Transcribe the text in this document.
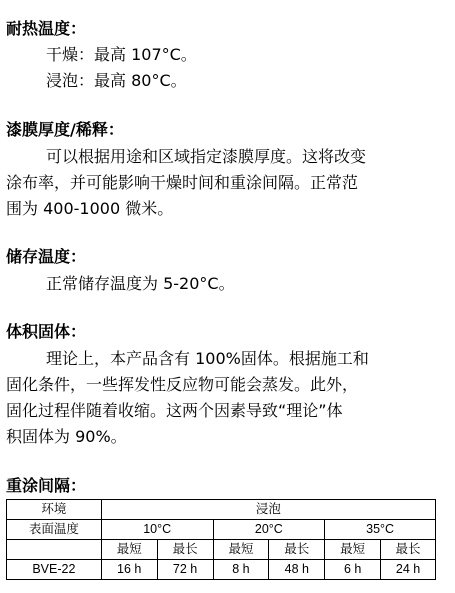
耐热温度：
干燥：最高 107°C。
浸泡：最高 80°C。
漆膜厚度/稀释：
可以根据用途和区域指定漆膜厚度。这将改变
涂布率，并可能影响干燥时间和重涂间隔。正常范
围为 400-1000 微米。
储存温度：
正常储存温度为 5-20°C。
体积固体：
理论上，本产品含有 100%固体。根据施工和
固化条件，一些挥发性反应物可能会蒸发。此外，
固化过程伴随着收缩。这两个因素导致“理论”体
积固体为 90%。
重涂间隔：
环境	浸泡					
表面温度	10°C		20°C		35°C	
	最短	最长	最短	最长	最短	最长
BVE-22	16 h	72 h	8 h	48 h	6 h	24 h
